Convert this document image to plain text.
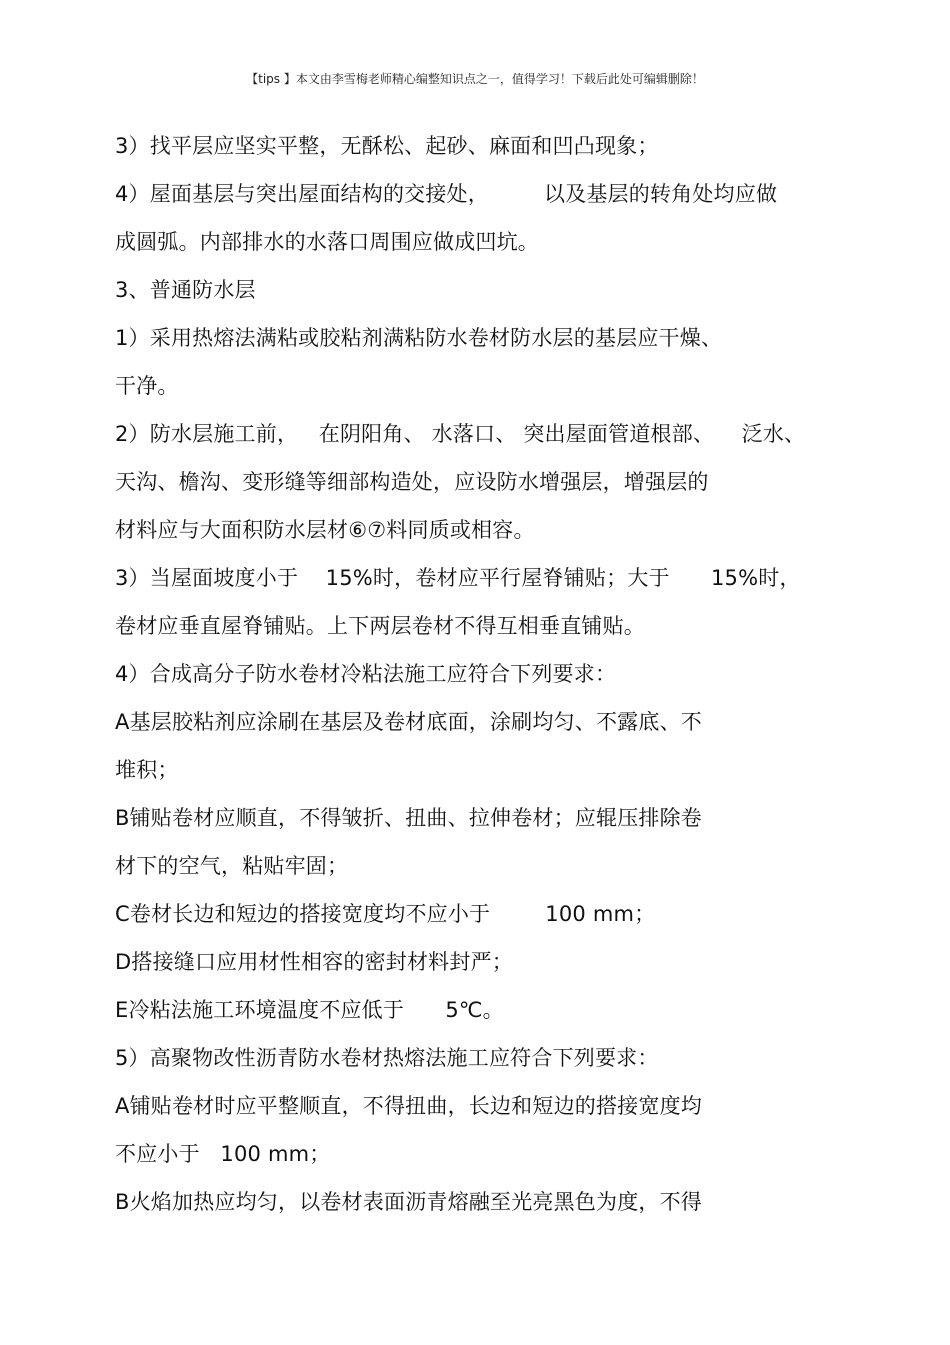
【tips 】本文由李雪梅老师精心编整知识点之一，值得学习！下载后此处可编辑删除！
3）找平层应坚实平整，无酥松、起砂、麻面和凹凸现象；
4）屋面基层与突出屋面结构的交接处，        以及基层的转角处均应做
成圆弧。内部排水的水落口周围应做成凹坑。
3、普通防水层
1）采用热熔法满粘或胶粘剂满粘防水卷材防水层的基层应干燥、
干净。
2）防水层施工前，   在阴阳角、 水落口、 突出屋面管道根部、    泛水、
天沟、檐沟、变形缝等细部构造处，应设防水增强层，增强层的
材料应与大面积防水层材⑥⑦料同质或相容。
3）当屋面坡度小于    15%时，卷材应平行屋脊铺贴；大于      15%时，
卷材应垂直屋脊铺贴。上下两层卷材不得互相垂直铺贴。
4）合成高分子防水卷材冷粘法施工应符合下列要求：
A基层胶粘剂应涂刷在基层及卷材底面，涂刷均匀、不露底、不
堆积；
B铺贴卷材应顺直，不得皱折、扭曲、拉伸卷材；应辊压排除卷
材下的空气，粘贴牢固；
C卷材长边和短边的搭接宽度均不应小于        100 mm；
D搭接缝口应用材性相容的密封材料封严；
E冷粘法施工环境温度不应低于      5℃。
5）高聚物改性沥青防水卷材热熔法施工应符合下列要求：
A铺贴卷材时应平整顺直，不得扭曲，长边和短边的搭接宽度均
不应小于   100 mm；
B火焰加热应均匀，以卷材表面沥青熔融至光亮黑色为度，不得
